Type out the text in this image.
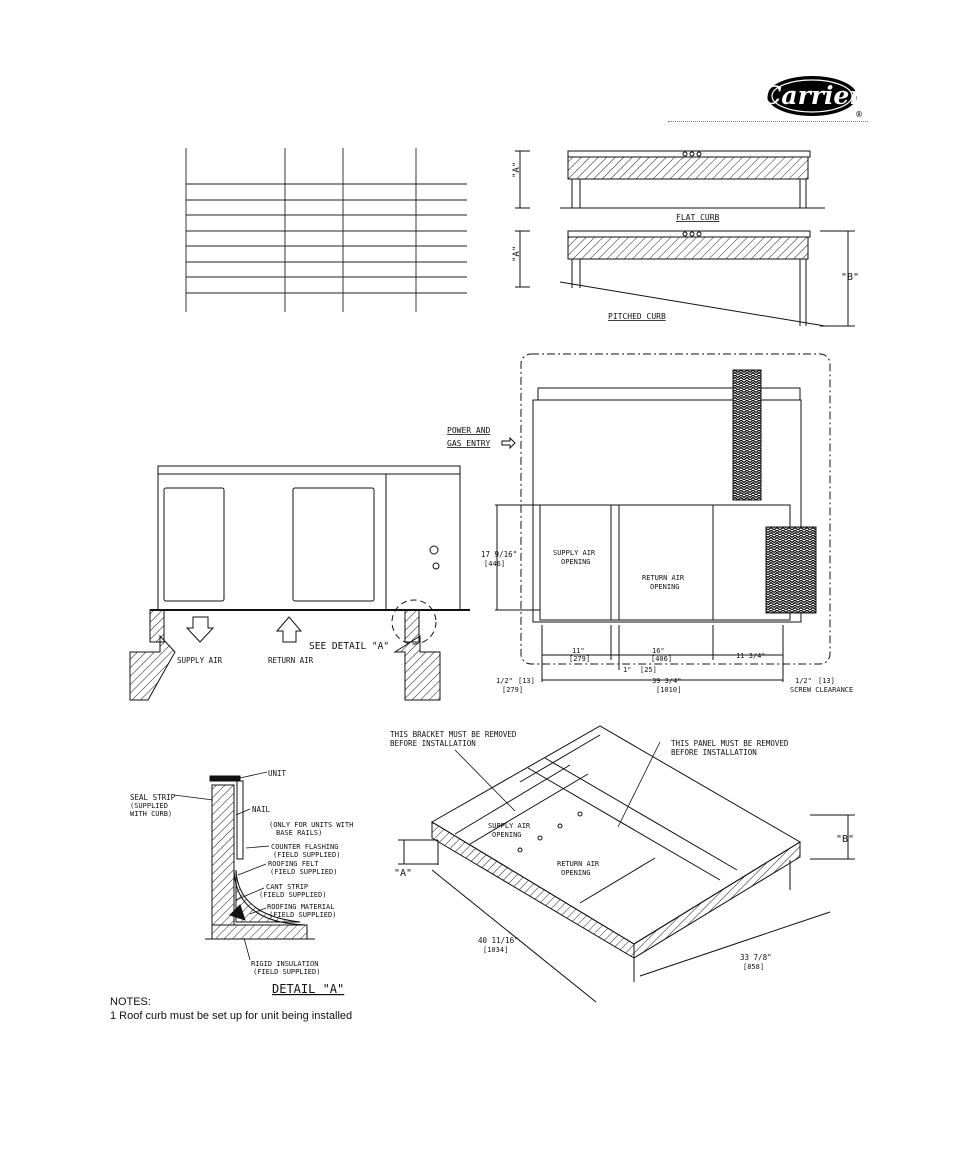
Carrier
®
"A"
FLAT CURB
"A"
"B"
PITCHED CURB
SUPPLY AIR	RETURN AIR
SEE DETAIL "A"
POWER AND
GAS ENTRY
17 9/16"
[446]
SUPPLY AIR
OPENING
RETURN AIR
OPENING
11"
[279]
16"
[406]	11 3/4"
1" [25]
1/2" [13]
[279]
39 3/4"
[1010]
1/2" [13]
SCREW CLEARANCE
UNIT
SEAL STRIP
(SUPPLIED
WITH CURB)	NAIL
(ONLY FOR UNITS WITH
BASE RAILS)
COUNTER FLASHING
(FIELD SUPPLIED)
ROOFING FELT
(FIELD SUPPLIED)
CANT STRIP
(FIELD SUPPLIED)
ROOFING MATERIAL
(FIELD SUPPLIED)
RIGID INSULATION
(FIELD SUPPLIED)
DETAIL "A"
THIS BRACKET MUST BE REMOVED
BEFORE INSTALLATION	THIS PANEL MUST BE REMOVED
BEFORE INSTALLATION
SUPPLY AIR
OPENING
RETURN AIR
OPENING
"A"
"B"
40 11/16"
[1034]
33 7/8"
[858]
NOTES:
1 Roof curb must be set up for unit being installed
